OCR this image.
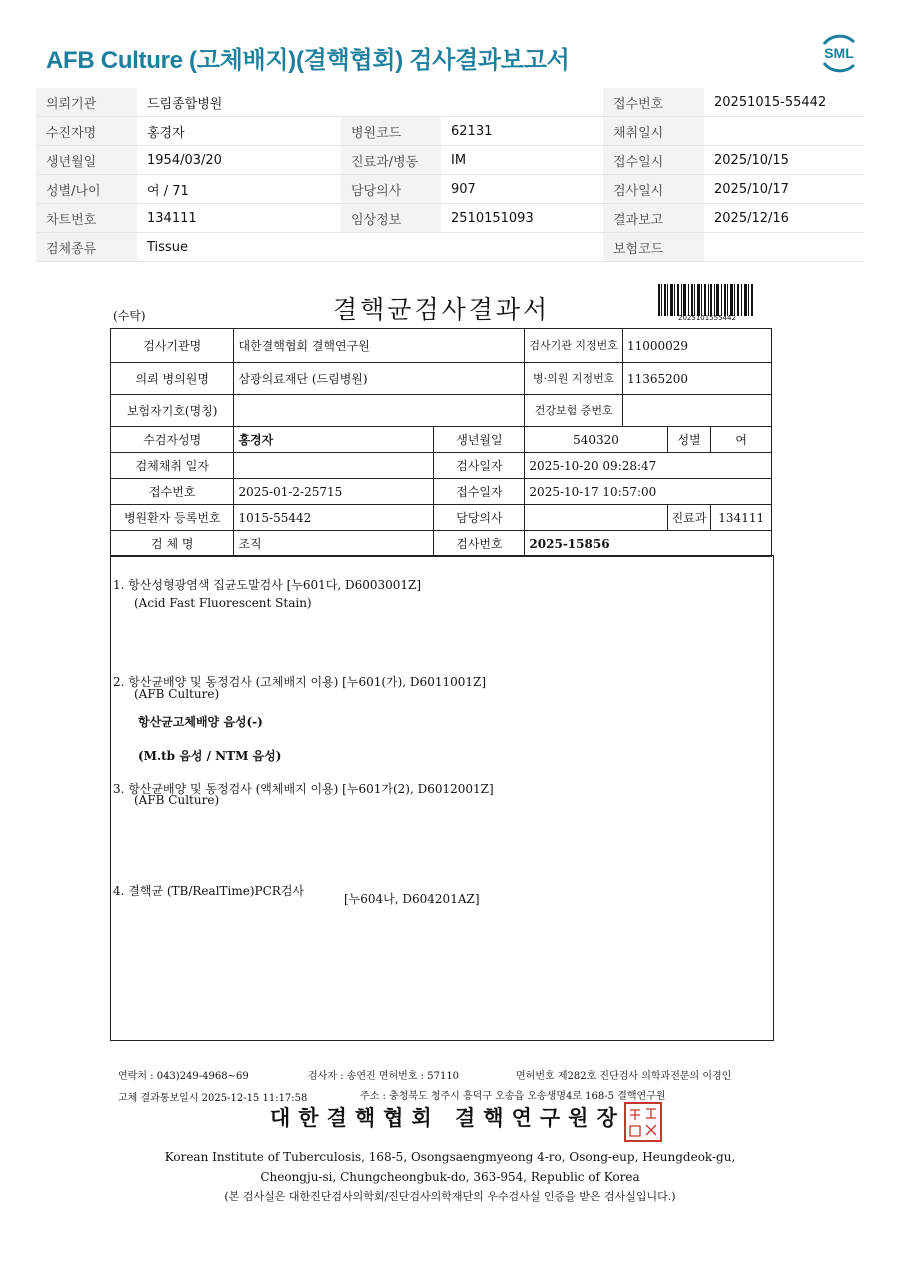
AFB Culture (고체배지)(결핵협회) 검사결과보고서	SML
의뢰기관	드림종합병원			접수번호	20251015-55442
수진자명	홍경자	병원코드	62131	채취일시	
생년월일	1954/03/20	진료과/병동	IM	접수일시	2025/10/15
성별/나이	여 / 71	담당의사	907	검사일시	2025/10/17
차트번호	134111	임상정보	2510151093	결과보고	2025/12/16
검체종류	Tissue			보험코드	
(수탁)	결핵균검사결과서	2025101555442
검사기관명	대한결핵협회 결핵연구원		검사기관 지정번호	11000029		
의뢰 병의원명	삼광의료재단 (드림병원)		병·의원 지정번호	11365200		
보험자기호(명칭)			건강보험 증번호			
수검자성명	홍경자	생년월일	540320		성별	여
검체채취 일자		검사일자	2025-10-20 09:28:47			
접수번호	2025-01-2-25715	접수일자	2025-10-17 10:57:00			
병원환자 등록번호	1015-55442	담당의사			진료과	134111
검 체 명	조직	검사번호	2025-15856			
1. 항산성형광염색 집균도말검사 [누601다, D6003001Z]
(Acid Fast Fluorescent Stain)
2. 항산균배양 및 동정검사 (고체배지 이용) [누601(가), D6011001Z]
(AFB Culture)
항산균고체배양 음성(-)
(M.tb 음성 / NTM 음성)
3. 항산균배양 및 동정검사 (액체배지 이용) [누601가(2), D6012001Z]
(AFB Culture)
4. 결핵균 (TB/RealTime)PCR검사
[누604나, D604201AZ]
연락처 : 043)249-4968~69	검사자 : 송연진 면허번호 : 57110	면허번호 제282호 진단검사 의학과전문의 이경인
고체 결과통보일시 2025-12-15 11:17:58	주소 : 충청북도 청주시 흥덕구 오송읍 오송생명4로 168-5 결핵연구원
대한결핵협회 결핵연구원장
Korean Institute of Tuberculosis, 168-5, Osongsaengmyeong 4-ro, Osong-eup, Heungdeok-gu,
Cheongju-si, Chungcheongbuk-do, 363-954, Republic of Korea
(본 검사실은 대한진단검사의학회/진단검사의학재단의 우수검사실 인증을 받은 검사실입니다.)
